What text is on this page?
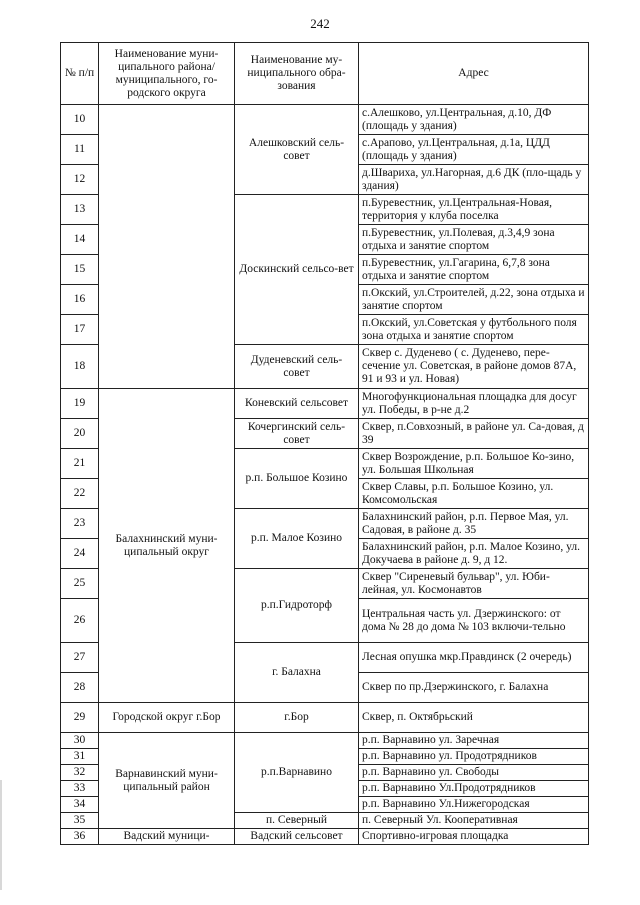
242
№ п/п	Наименование муни-ципального района/ муниципального, го-родского округа	Наименование му-ниципального обра-зования	Адрес
10		Алешковский сель-совет	с.Алешково, ул.Центральная, д.10, ДФ (площадь у здания)
11			с.Арапово, ул.Центральная, д.1а, ЦДД (площадь у здания)
12			д.Швариха, ул.Нагорная, д.6 ДК (пло-щадь у здания)
13		Доскинский сельсо-вет	п.Буревестник, ул.Центральная-Новая, территория у клуба поселка
14			п.Буревестник, ул.Полевая, д.3,4,9 зона отдыха и занятие спортом
15			п.Буревестник, ул.Гагарина, 6,7,8 зона отдыха и занятие спортом
16			п.Окский, ул.Строителей, д.22, зона отдыха и занятие спортом
17			п.Окский, ул.Советская у футбольного поля зона отдыха и занятие спортом
18		Дуденевский сель-совет	Сквер с. Дуденево ( с. Дуденево, пере-сечение ул. Советская, в районе домов 87А, 91 и 93 и ул. Новая)
19	Балахнинский муни-ципальный округ	Коневский сельсовет	Многофункциональная площадка для досуг ул. Победы, в р-не д.2
20		Кочергинский сель-совет	Сквер, п.Совхозный, в районе ул. Са-довая, д 39
21		р.п. Большое Козино	Сквер Возрождение, р.п. Большое Ко-зино, ул. Большая Школьная
22			Сквер Славы, р.п. Большое Козино, ул. Комсомольская
23		р.п. Малое Козино	Балахнинский район, р.п. Первое Мая, ул. Садовая, в районе д. 35
24			Балахнинский район, р.п. Малое Козино, ул. Докучаева в районе д. 9, д 12.
25		р.п.Гидроторф	Сквер "Сиреневый бульвар", ул. Юби-лейная, ул. Космонавтов
26			Центральная часть ул. Дзержинского: от дома № 28 до дома № 103 включи-тельно
27		г. Балахна	Лесная опушка мкр.Правдинск (2 очередь)
28			Сквер по пр.Дзержинского, г. Балахна
29	Городской округ г.Бор	г.Бор	Сквер, п. Октябрьский
30	Варнавинский муни-ципальный район	р.п.Варнавино	р.п. Варнавино ул. Заречная
31			р.п. Варнавино ул. Продотрядников
32			р.п. Варнавино ул. Свободы
33			р.п. Варнавино Ул.Продотрядников
34			р.п. Варнавино Ул.Нижегородская
35		п. Северный	п. Северный Ул. Кооперативная
36	Вадский муници-	Вадский сельсовет	Спортивно-игровая площадка
